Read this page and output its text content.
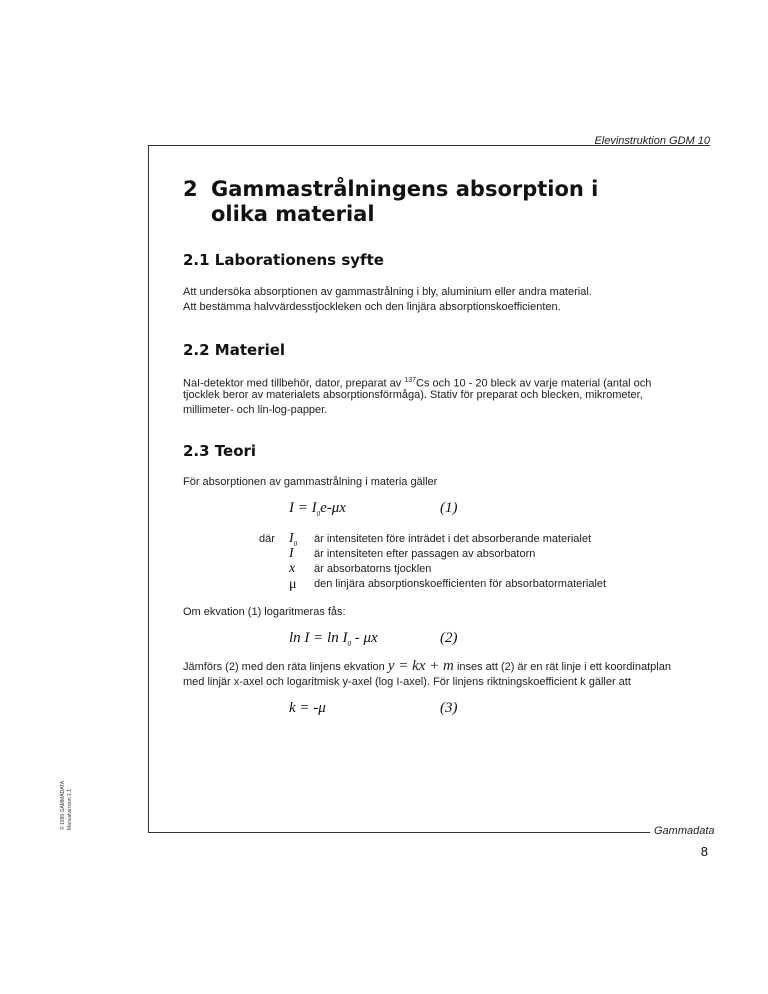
Elevinstruktion GDM 10
2 Gammastrålningens absorption i olika material
2.1 Laborationens syfte

Att undersöka absorptionen av gammastrålning i bly, aluminium eller andra material.

Att bestämma halvvärdesstjockleken och den linjära absorptionskoefficienten.

2.2 Materiel

NaI-detektor med tillbehör, dator, preparat av $^{137}$Cs och 10 - 20 bleck av varje material (antal och

tjocklek beror av materialets absorptionsförmåga). Stativ för preparat och blecken, mikrometer,

millimeter- och lin-log-papper.

2.3 Teori

För absorptionen av gammastrålning i materia gäller

$I = I_0e-\mu x$	(1)
där $I_0$ är intensiteten före inträdet i det absorberande materialet
I är intensiteten efter passagen av absorbatorn
x är absorbatorns tjocklen
μ den linjära absorptionskoefficienten för absorbatormaterialet

Om ekvation (1) logaritmeras fås:

$\ln I = \ln I_0 - \mu x$	(2)

Jämförs (2) med den räta linjens ekvation y = kx + m inses att (2) är en rät linje i ett koordinatplan

med linjär x-axel och logaritmisk y-axel (log I-axel). För linjens riktningskoefficient k gäller att

k = -μ	(3)
© 1995 GAMMADATA Manualversion 1.1
Gammadata
8
